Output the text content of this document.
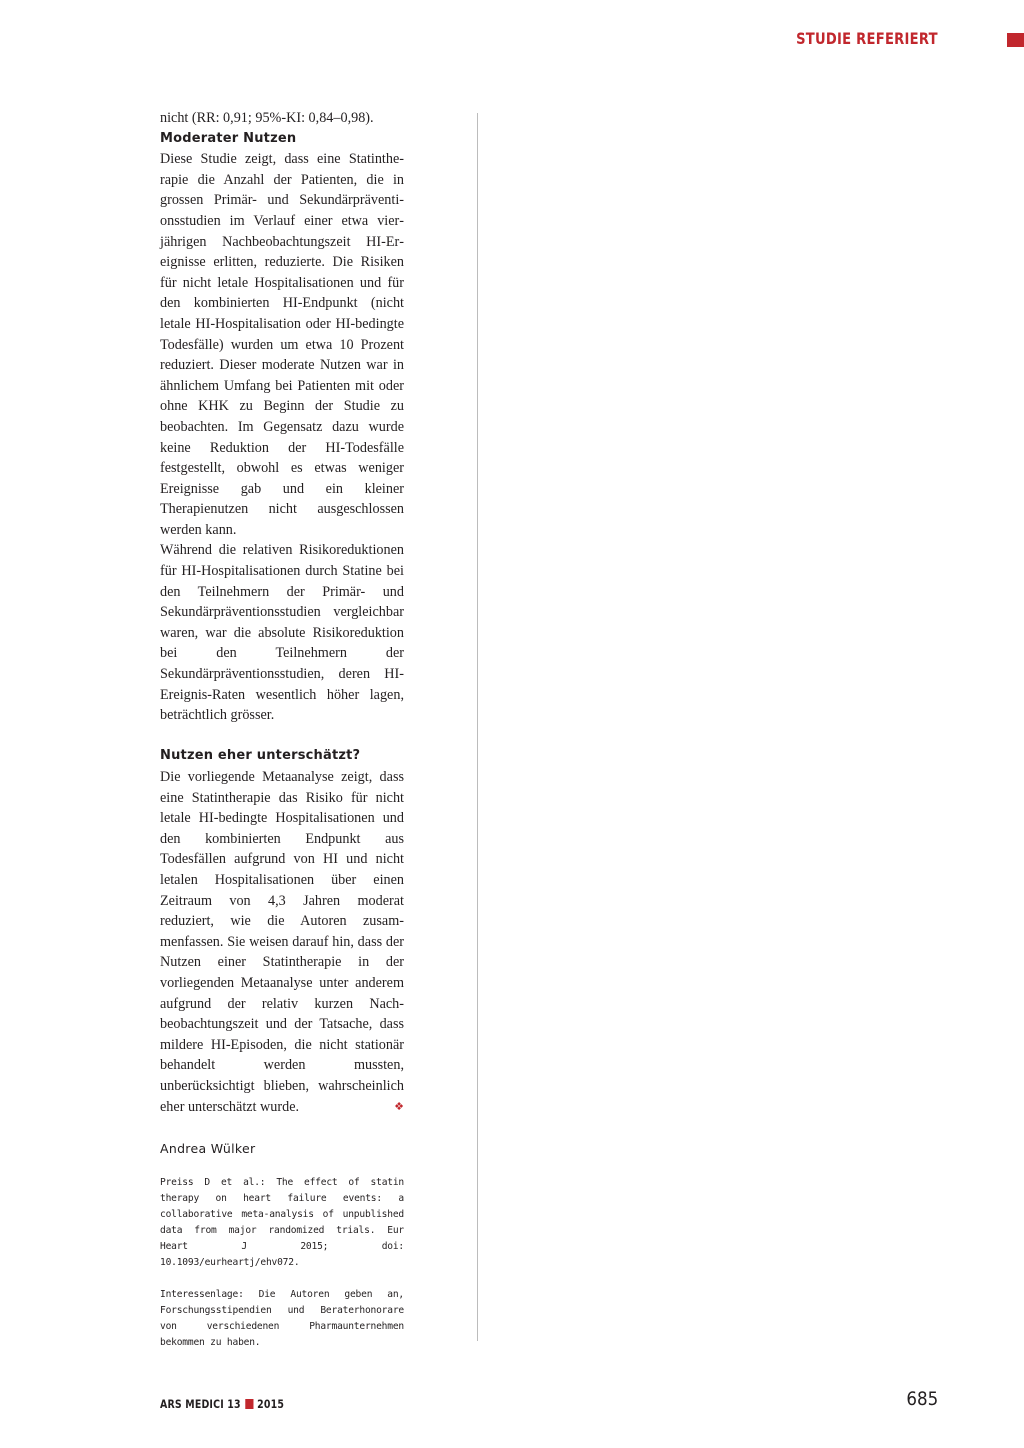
STUDIE REFERIERT

nicht (RR: 0,91; 95%-KI: 0,84–0,98).

Moderater Nutzen

Diese Studie zeigt, dass eine Statintherapie die Anzahl der Patienten, die in grossen Primär- und Sekundärpräventionsstudien im Verlauf einer etwa vierjährigen Nachbeobachtungszeit HI-Ereignisse erlitten, reduzierte. Die Risiken für nicht letale Hospitalisationen und für den kombinierten HI-Endpunkt (nicht letale HI-Hospitalisation oder HI-bedingte Todesfälle) wurden um etwa 10 Prozent reduziert. Dieser moderate Nutzen war in ähnlichem Umfang bei Patienten mit oder ohne KHK zu Beginn der Studie zu beobachten. Im Gegensatz dazu wurde keine Reduktion der HI-Todesfälle festgestellt, obwohl es etwas weniger Ereignisse gab und ein kleiner Therapienutzen nicht ausgeschlossen werden kann.

Während die relativen Risikoreduktionen für HI-Hospitalisationen durch Statine bei den Teilnehmern der Primär- und Sekundärpräventionsstudien vergleichbar waren, war die absolute Risikoreduktion bei den Teilnehmern der Sekundärpräventionsstudien, deren HI-Ereignis-Raten wesentlich höher lagen, beträchtlich grösser.

Nutzen eher unterschätzt?

Die vorliegende Metaanalyse zeigt, dass eine Statintherapie das Risiko für nicht letale HI-bedingte Hospitalisationen und den kombinierten Endpunkt aus Todesfällen aufgrund von HI und nicht letalen Hospitalisationen über einen Zeitraum von 4,3 Jahren moderat reduziert, wie die Autoren zusammenfassen. Sie weisen darauf hin, dass der Nutzen einer Statintherapie in der vorliegenden Metaanalyse unter anderem aufgrund der relativ kurzen Nachbeobachtungszeit und der Tatsache, dass mildere HI-Episoden, die nicht stationär behandelt werden mussten, unberücksichtigt blieben, wahrscheinlich eher unterschätzt wurde.	❖

Andrea Wülker

Preiss D et al.: The effect of statin therapy on heart failure events: a collaborative meta-analysis of unpublished data from major randomized trials. Eur Heart J 2015; doi: 10.1093/eurheartj/ehv072.

Interessenlage: Die Autoren geben an, Forschungsstipendien und Beraterhonorare von verschiedenen Pharmaunternehmen bekommen zu haben.

ARS MEDICI 13 2015	685
